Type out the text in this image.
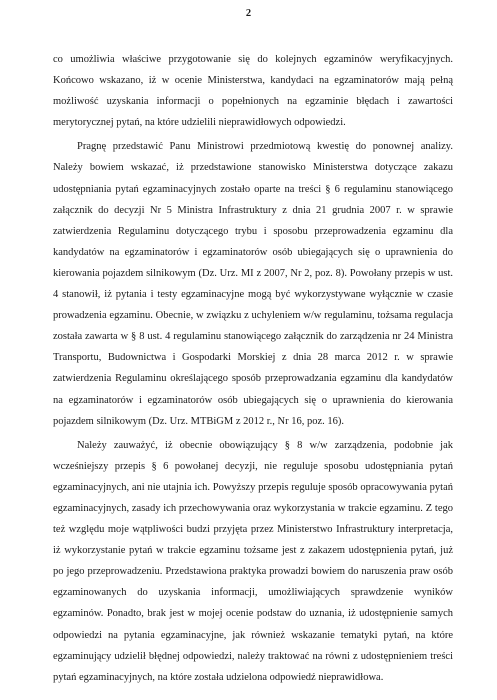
2

co umożliwia właściwe przygotowanie się do kolejnych egzaminów weryfikacyjnych. Końcowo wskazano, iż w ocenie Ministerstwa, kandydaci na egzaminatorów mają pełną możliwość uzyskania informacji o popełnionych na egzaminie błędach i zawartości merytorycznej pytań, na które udzielili nieprawidłowych odpowiedzi.

Pragnę przedstawić Panu Ministrowi przedmiotową kwestię do ponownej analizy. Należy bowiem wskazać, iż przedstawione stanowisko Ministerstwa dotyczące zakazu udostępniania pytań egzaminacyjnych zostało oparte na treści § 6 regulaminu stanowiącego załącznik do decyzji Nr 5 Ministra Infrastruktury z dnia 21 grudnia 2007 r. w sprawie zatwierdzenia Regulaminu dotyczącego trybu i sposobu przeprowadzenia egzaminu dla kandydatów na egzaminatorów i egzaminatorów osób ubiegających się o uprawnienia do kierowania pojazdem silnikowym (Dz. Urz. MI z 2007, Nr 2, poz. 8). Powołany przepis w ust. 4 stanowił, iż pytania i testy egzaminacyjne mogą być wykorzystywane wyłącznie w czasie prowadzenia egzaminu. Obecnie, w związku z uchyleniem w/w regulaminu, tożsama regulacja została zawarta w § 8 ust. 4 regulaminu stanowiącego załącznik do zarządzenia nr 24 Ministra Transportu, Budownictwa i Gospodarki Morskiej z dnia 28 marca 2012 r. w sprawie zatwierdzenia Regulaminu określającego sposób przeprowadzania egzaminu dla kandydatów na egzaminatorów i egzaminatorów osób ubiegających się o uprawnienia do kierowania pojazdem silnikowym (Dz. Urz. MTBiGM z 2012 r., Nr 16, poz. 16).

Należy zauważyć, iż obecnie obowiązujący § 8 w/w zarządzenia, podobnie jak wcześniejszy przepis § 6 powołanej decyzji, nie reguluje sposobu udostępniania pytań egzaminacyjnych, ani nie utajnia ich. Powyższy przepis reguluje sposób opracowywania pytań egzaminacyjnych, zasady ich przechowywania oraz wykorzystania w trakcie egzaminu. Z tego też względu moje wątpliwości budzi przyjęta przez Ministerstwo Infrastruktury interpretacja, iż wykorzystanie pytań w trakcie egzaminu tożsame jest z zakazem udostępnienia pytań, już po jego przeprowadzeniu. Przedstawiona praktyka prowadzi bowiem do naruszenia praw osób egzaminowanych do uzyskania informacji, umożliwiających sprawdzenie wyników egzaminów. Ponadto, brak jest w mojej ocenie podstaw do uznania, iż udostępnienie samych odpowiedzi na pytania egzaminacyjne, jak również wskazanie tematyki pytań, na które egzaminujący udzielił błędnej odpowiedzi, należy traktować na równi z udostępnieniem treści pytań egzaminacyjnych, na które została udzielona odpowiedź nieprawidłowa.
